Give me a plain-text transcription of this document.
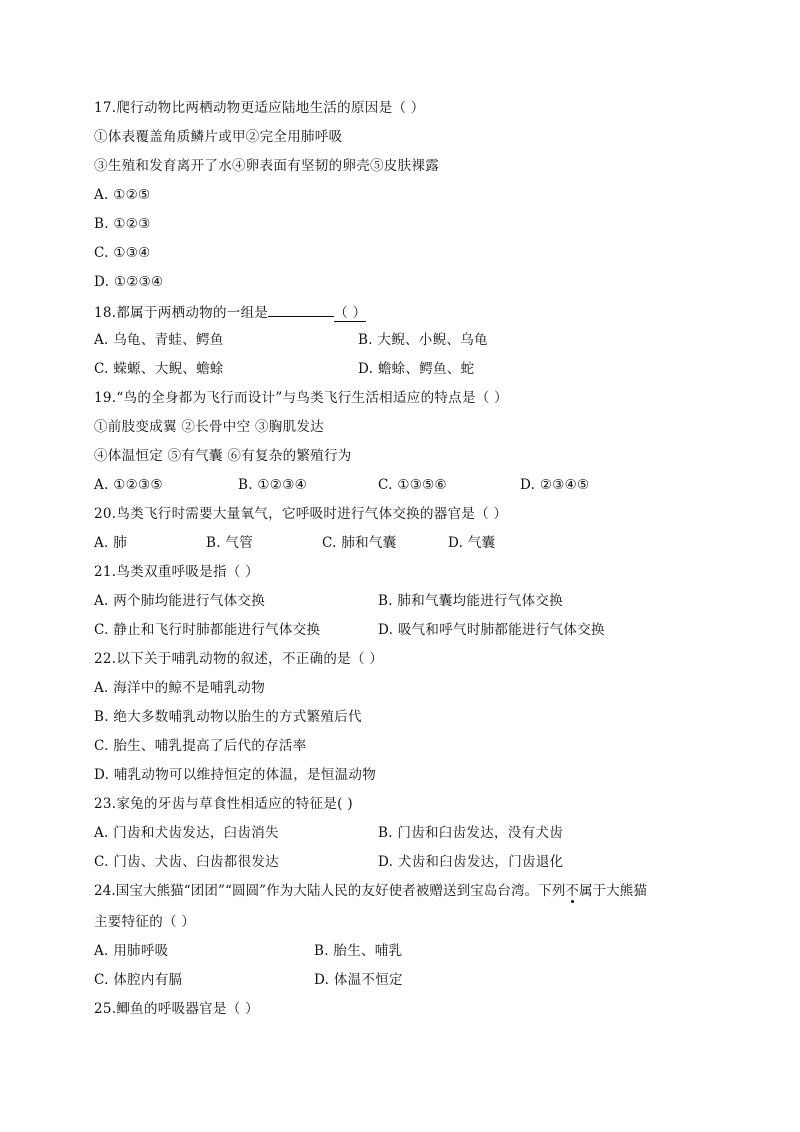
17.爬行动物比两栖动物更适应陆地生活的原因是（ ）
①体表覆盖角质鳞片或甲②完全用肺呼吸
③生殖和发育离开了水④卵表面有坚韧的卵壳⑤皮肤裸露
A. ①②⑤
B. ①②③
C. ①③④
D. ①②③④
18.都属于两栖动物的一组是	（ ）
A. 乌龟、青蛙、鳄鱼	B. 大鲵、小鲵、乌龟
C. 蝾螈、大鲵、蟾蜍	D. 蟾蜍、鳄鱼、蛇
19.“鸟的全身都为飞行而设计”与鸟类飞行生活相适应的特点是（ ）
①前肢变成翼 ②长骨中空 ③胸肌发达
④体温恒定 ⑤有气囊 ⑥有复杂的繁殖行为
A. ①②③⑤	B. ①②③④	C. ①③⑤⑥	D. ②③④⑤
20.鸟类飞行时需要大量氧气，它呼吸时进行气体交换的器官是（ ）
A. 肺	B. 气管	C. 肺和气囊	D. 气囊
21.鸟类双重呼吸是指（ ）
A. 两个肺均能进行气体交换	B. 肺和气囊均能进行气体交换
C. 静止和飞行时肺都能进行气体交换	D. 吸气和呼气时肺都能进行气体交换
22.以下关于哺乳动物的叙述，不正确的是（ ）
A. 海洋中的鲸不是哺乳动物
B. 绝大多数哺乳动物以胎生的方式繁殖后代
C. 胎生、哺乳提高了后代的存活率
D. 哺乳动物可以维持恒定的体温，是恒温动物
23.家兔的牙齿与草食性相适应的特征是( )
A. 门齿和犬齿发达，臼齿消失	B. 门齿和臼齿发达，没有犬齿
C. 门齿、犬齿、臼齿都很发达	D. 犬齿和臼齿发达，门齿退化
24.国宝大熊猫“团团”“圆圆”作为大陆人民的友好使者被赠送到宝岛台湾。下列不属于大熊猫
主要特征的（ ）
A. 用肺呼吸	B. 胎生、哺乳
C. 体腔内有膈	D. 体温不恒定
25.鲫鱼的呼吸器官是（ ）
